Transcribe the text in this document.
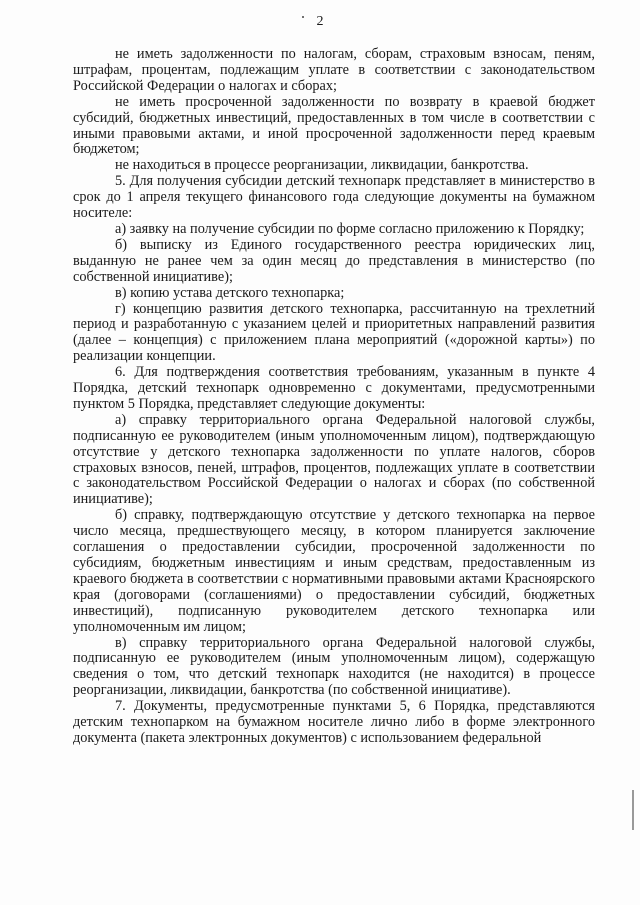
2

не иметь задолженности по налогам, сборам, страховым взносам, пеням, штрафам, процентам, подлежащим уплате в соответствии с законодательством Российской Федерации о налогах и сборах;

не иметь просроченной задолженности по возврату в краевой бюджет субсидий, бюджетных инвестиций, предоставленных в том числе в соответствии с иными правовыми актами, и иной просроченной задолженности перед краевым бюджетом;

не находиться в процессе реорганизации, ликвидации, банкротства.

5. Для получения субсидии детский технопарк представляет в министерство в срок до 1 апреля текущего финансового года следующие документы на бумажном носителе:

а) заявку на получение субсидии по форме согласно приложению к Порядку;

б) выписку из Единого государственного реестра юридических лиц, выданную не ранее чем за один месяц до представления в министерство (по собственной инициативе);

в) копию устава детского технопарка;

г) концепцию развития детского технопарка, рассчитанную на трехлетний период и разработанную с указанием целей и приоритетных направлений развития (далее – концепция) с приложением плана мероприятий («дорожной карты») по реализации концепции.

6. Для подтверждения соответствия требованиям, указанным в пункте 4 Порядка, детский технопарк одновременно с документами, предусмотренными пунктом 5 Порядка, представляет следующие документы:

а) справку территориального органа Федеральной налоговой службы, подписанную ее руководителем (иным уполномоченным лицом), подтверждающую отсутствие у детского технопарка задолженности по уплате налогов, сборов страховых взносов, пеней, штрафов, процентов, подлежащих уплате в соответствии с законодательством Российской Федерации о налогах и сборах (по собственной инициативе);

б) справку, подтверждающую отсутствие у детского технопарка на первое число месяца, предшествующего месяцу, в котором планируется заключение соглашения о предоставлении субсидии, просроченной задолженности по субсидиям, бюджетным инвестициям и иным средствам, предоставленным из краевого бюджета в соответствии с нормативными правовыми актами Красноярского края (договорами (соглашениями) о предоставлении субсидий, бюджетных инвестиций), подписанную руководителем детского технопарка или уполномоченным им лицом;

в) справку территориального органа Федеральной налоговой службы, подписанную ее руководителем (иным уполномоченным лицом), содержащую сведения о том, что детский технопарк находится (не находится) в процессе реорганизации, ликвидации, банкротства (по собственной инициативе).

7. Документы, предусмотренные пунктами 5, 6 Порядка, представляются детским технопарком на бумажном носителе лично либо в форме электронного документа (пакета электронных документов) с использованием федеральной
